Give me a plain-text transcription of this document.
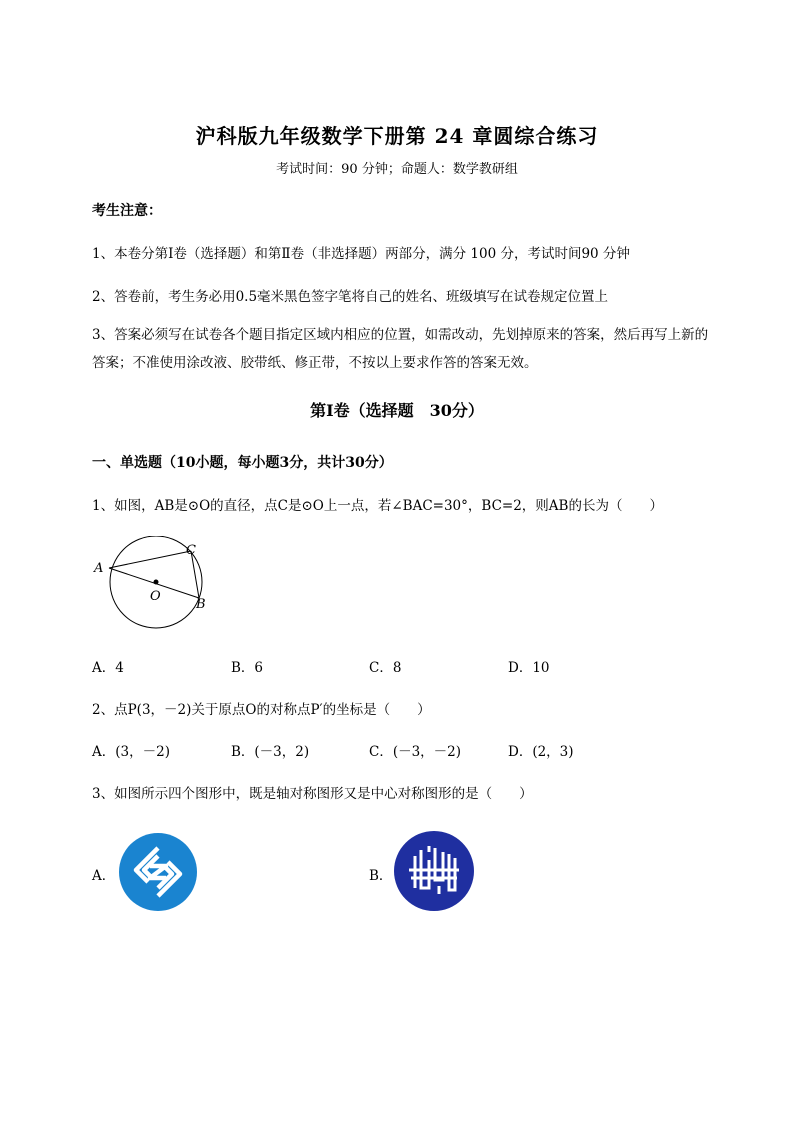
沪科版九年级数学下册第 24 章圆综合练习
考试时间：90 分钟；命题人：数学教研组
考生注意：
1、本卷分第Ⅰ卷（选择题）和第Ⅱ卷（非选择题）两部分，满分 100 分，考试时间90 分钟
2、答卷前，考生务必用0.5毫米黑色签字笔将自己的姓名、班级填写在试卷规定位置上
3、答案必须写在试卷各个题目指定区域内相应的位置，如需改动，先划掉原来的答案，然后再写上新的答案；不准使用涂改液、胶带纸、修正带，不按以上要求作答的答案无效。
第Ⅰ卷（选择题　30分）
一、单选题（10小题，每小题3分，共计30分）
1、如图，AB是⊙O的直径，点C是⊙O上一点，若∠BAC=30°，BC=2，则AB的长为（　　）
A
C
O
B
A．4	B．6	C．8	D．10
2、点P(3，－2)关于原点O的对称点P′的坐标是（　　）
A．(3，－2)	B．(－3，2)	C．(－3，－2)	D．(2，3)
3、如图所示四个图形中，既是轴对称图形又是中心对称图形的是（　　）
A．	B．
